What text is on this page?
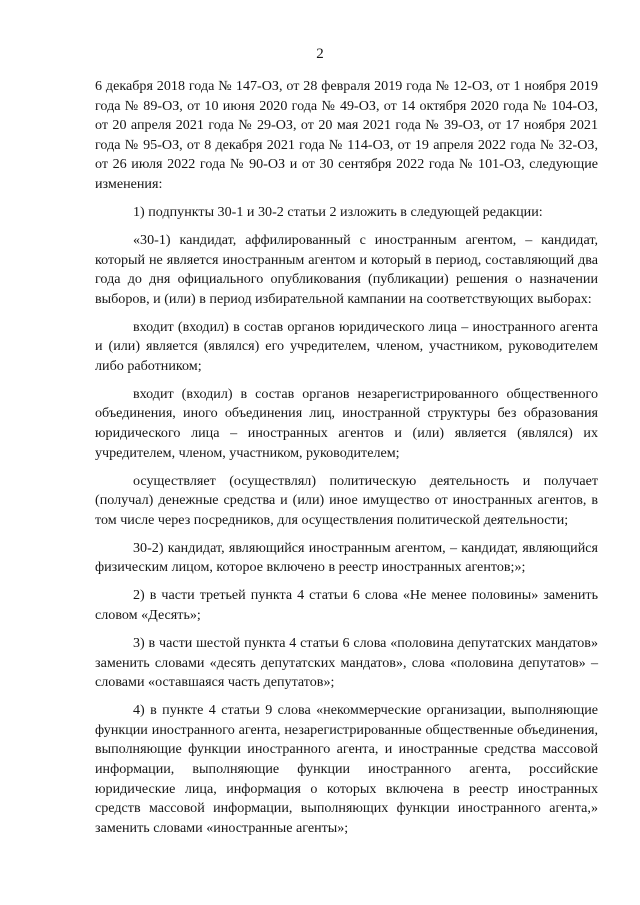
2

6 декабря 2018 года № 147-ОЗ, от 28 февраля 2019 года № 12-ОЗ, от 1 ноября 2019 года № 89-ОЗ, от 10 июня 2020 года № 49-ОЗ, от 14 октября 2020 года № 104-ОЗ, от 20 апреля 2021 года № 29-ОЗ, от 20 мая 2021 года № 39-ОЗ, от 17 ноября 2021 года № 95-ОЗ, от 8 декабря 2021 года № 114-ОЗ, от 19 апреля 2022 года № 32-ОЗ, от 26 июля 2022 года № 90-ОЗ и от 30 сентября 2022 года № 101-ОЗ, следующие изменения:

1) подпункты 30-1 и 30-2 статьи 2 изложить в следующей редакции:

«30-1) кандидат, аффилированный с иностранным агентом, – кандидат, который не является иностранным агентом и который в период, составляющий два года до дня официального опубликования (публикации) решения о назначении выборов, и (или) в период избирательной кампании на соответствующих выборах:

входит (входил) в состав органов юридического лица – иностранного агента и (или) является (являлся) его учредителем, членом, участником, руководителем либо работником;

входит (входил) в состав органов незарегистрированного общественного объединения, иного объединения лиц, иностранной структуры без образования юридического лица – иностранных агентов и (или) является (являлся) их учредителем, членом, участником, руководителем;

осуществляет (осуществлял) политическую деятельность и получает (получал) денежные средства и (или) иное имущество от иностранных агентов, в том числе через посредников, для осуществления политической деятельности;

30-2) кандидат, являющийся иностранным агентом, – кандидат, являющийся физическим лицом, которое включено в реестр иностранных агентов;»;

2) в части третьей пункта 4 статьи 6 слова «Не менее половины» заменить словом «Десять»;

3) в части шестой пункта 4 статьи 6 слова «половина депутатских мандатов» заменить словами «десять депутатских мандатов», слова «половина депутатов» – словами «оставшаяся часть депутатов»;

4) в пункте 4 статьи 9 слова «некоммерческие организации, выполняющие функции иностранного агента, незарегистрированные общественные объединения, выполняющие функции иностранного агента, и иностранные средства массовой информации, выполняющие функции иностранного агента, российские юридические лица, информация о которых включена в реестр иностранных средств массовой информации, выполняющих функции иностранного агента,» заменить словами «иностранные агенты»;
